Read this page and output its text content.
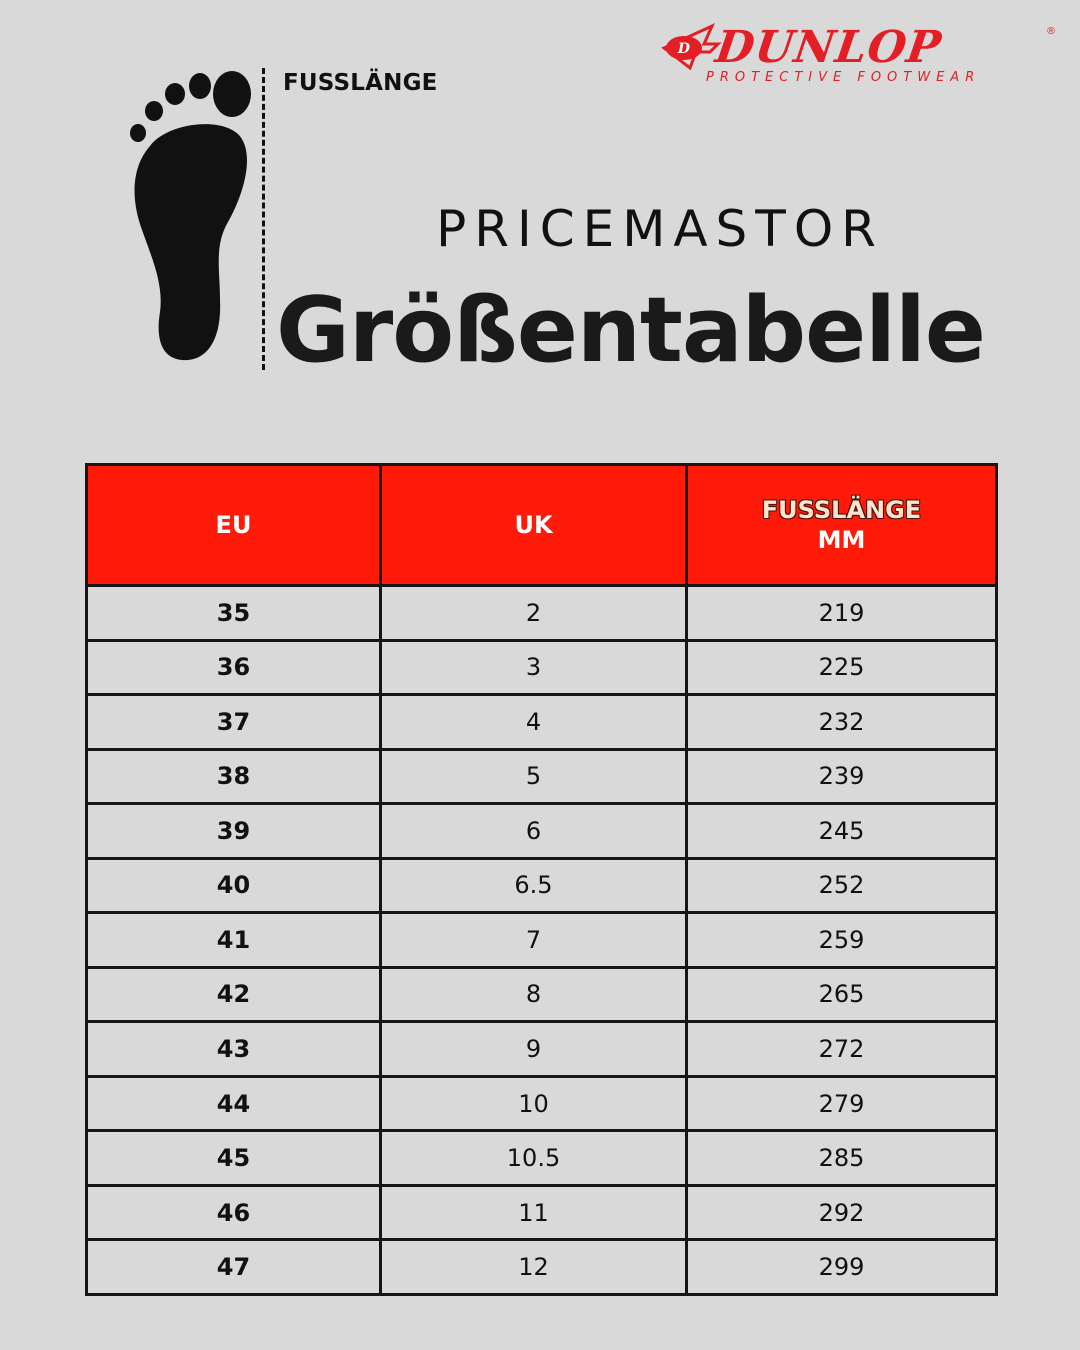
FUSSLÄNGE
D DUNLOP	®
PROTECTIVE FOOTWEAR
PRICEMASTOR
Größentabelle
EU	UK	FUSSLÄNGE
MM

35	2	219
36	3	225
37	4	232
38	5	239
39	6	245
40	6.5	252
41	7	259
42	8	265
43	9	272
44	10	279
45	10.5	285
46	11	292
47	12	299
